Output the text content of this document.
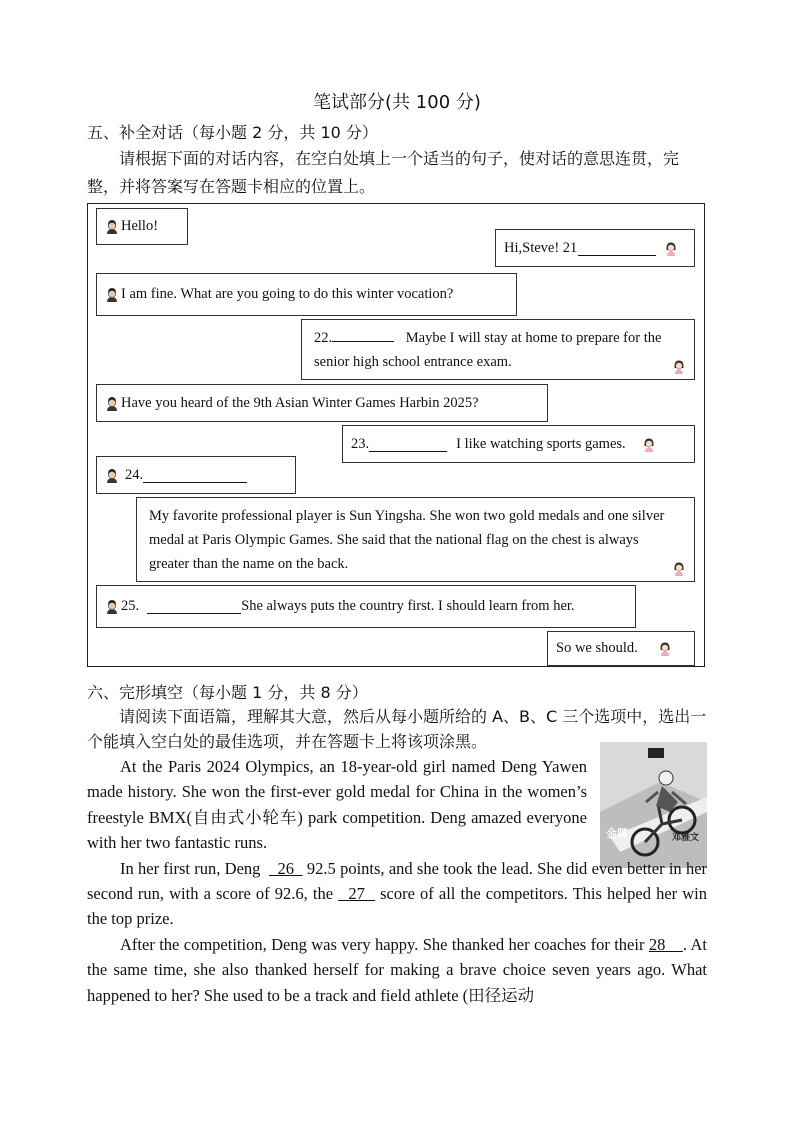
笔试部分(共 100 分)
五、补全对话（每小题 2 分，共 10 分）
请根据下面的对话内容，在空白处填上一个适当的句子，使对话的意思连贯，完整，并将答案写在答题卡相应的位置上。
Hello!
Hi,Steve! 21
I am fine. What are you going to do this winter vocation?
22.	Maybe I will stay at home to prepare for the senior high school entrance exam.
Have you heard of the 9th Asian Winter Games Harbin 2025?
23.	I like watching sports games.
24.
My favorite professional player is Sun Yingsha. She won two gold medals and one silver medal at Paris Olympic Games. She said that the national flag on the chest is always greater than the name on the back.
25.	She always puts the country first. I should learn from her.
So we should.
六、完形填空（每小题 1 分，共 8 分）
请阅读下面语篇，理解其大意，然后从每小题所给的 A、B、C 三个选项中，选出一个能填入空白处的最佳选项，并在答题卡上将该项涂黑。
金牌	邓雅文

At the Paris 2024 Olympics, an 18-year-old girl named Deng Yawen made history. She won the first-ever gold medal for China in the women’s freestyle BMX(自由式小轮车) park competition. Deng amazed everyone with her two fantastic runs.

In her first run, Deng 26 92.5 points, and she took the lead. She did even better in her second run, with a score of 92.6, the 27 score of all the competitors. This helped her win the top prize.

After the competition, Deng was very happy. She thanked her coaches for their 28 . At the same time, she also thanked herself for making a brave choice seven years ago. What happened to her? She used to be a track and field athlete (田径运动
